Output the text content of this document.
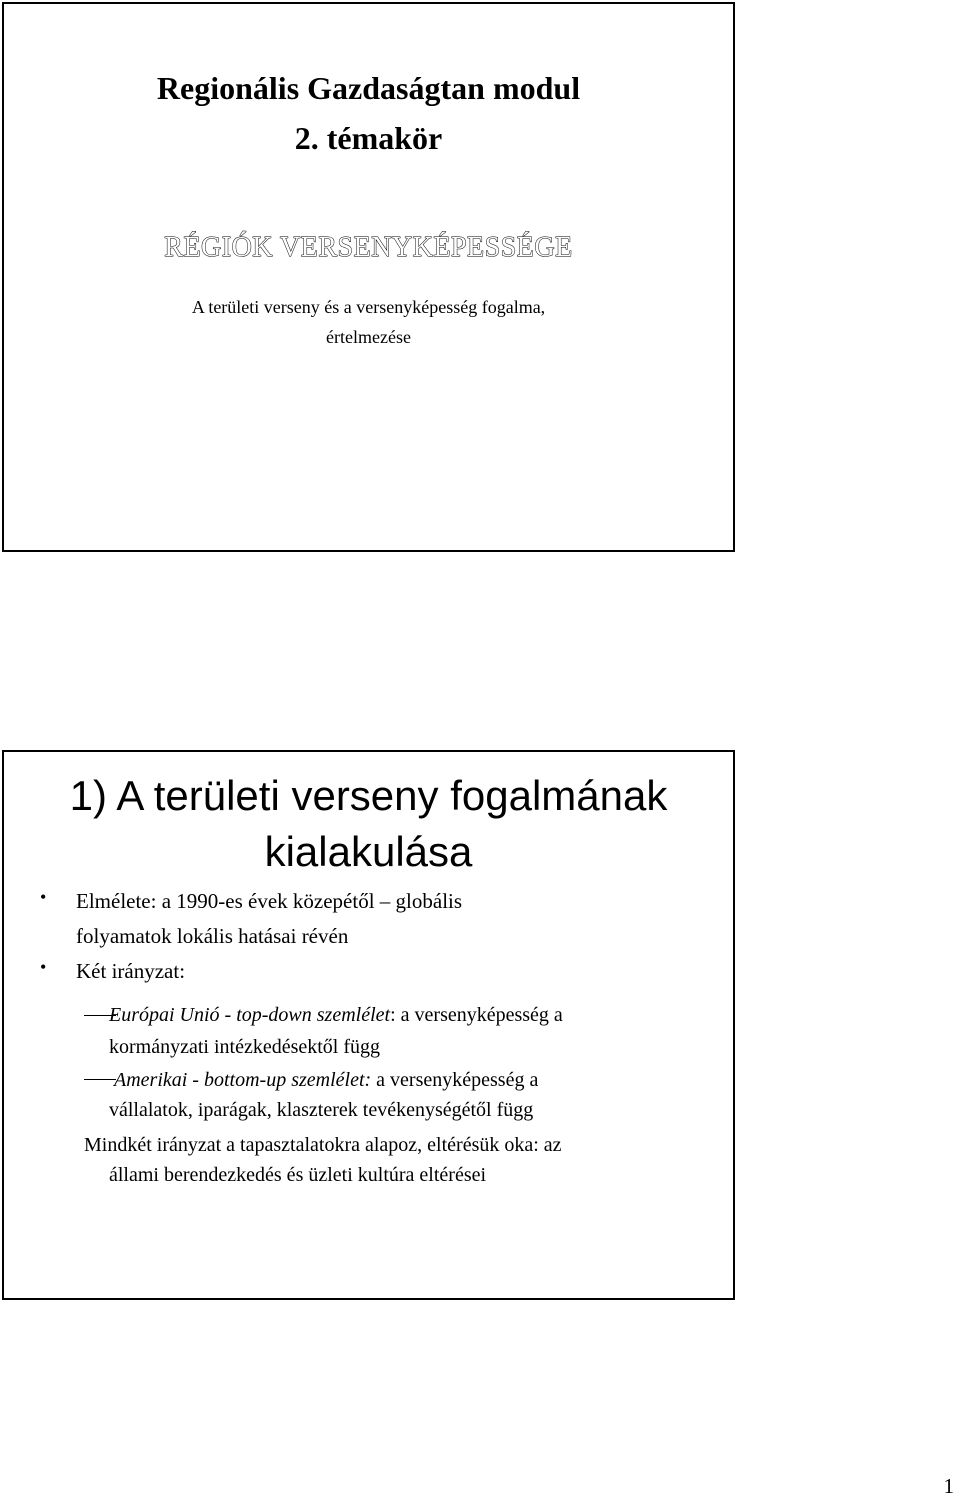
Regionális Gazdaságtan modul
2. témakör
RÉGIÓK VERSENYKÉPESSÉGE
A területi verseny és a versenyképesség fogalma,
értelmezése
1) A területi verseny fogalmának
kialakulása
• Elmélete: a 1990-es évek közepétől – globális
folyamatok lokális hatásai révén
• Két irányzat:
Európai Unió - top-down szemlélet: a versenyképesség a
kormányzati intézkedésektől függ
Amerikai - bottom-up szemlélet: a versenyképesség a
vállalatok, iparágak, klaszterek tevékenységétől függ
Mindkét irányzat a tapasztalatokra alapoz, eltérésük oka: az
állami berendezkedés és üzleti kultúra eltérései
1
